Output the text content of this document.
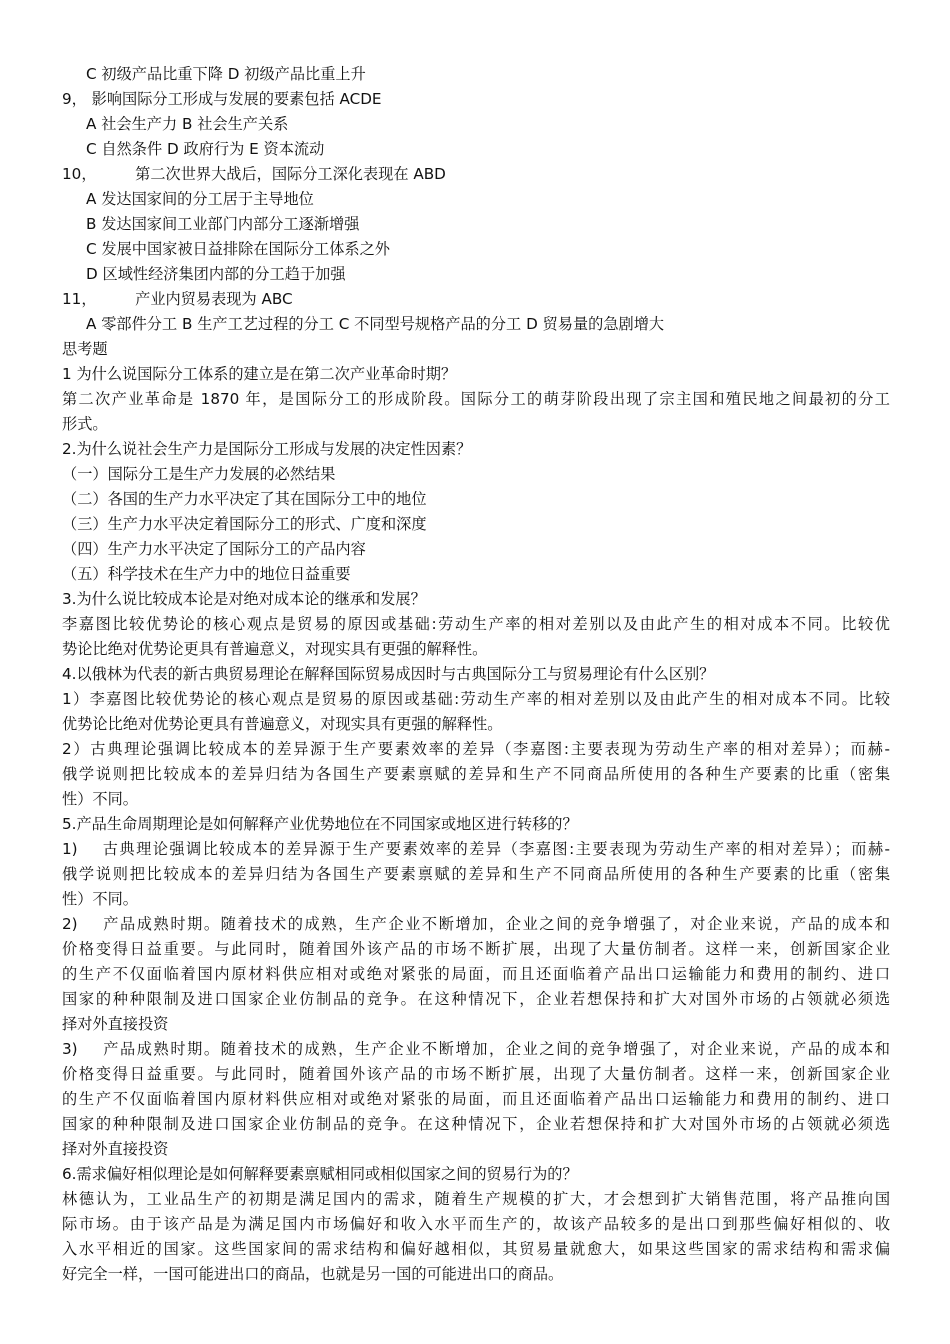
C 初级产品比重下降 D 初级产品比重上升
9， 影响国际分工形成与发展的要素包括 ACDE
A 社会生产力 B 社会生产关系
C 自然条件 D 政府行为 E 资本流动
10，        第二次世界大战后，国际分工深化表现在 ABD
A 发达国家间的分工居于主导地位
B 发达国家间工业部门内部分工逐渐增强
C 发展中国家被日益排除在国际分工体系之外
D 区域性经济集团内部的分工趋于加强
11，        产业内贸易表现为 ABC
A 零部件分工 B 生产工艺过程的分工 C 不同型号规格产品的分工 D 贸易量的急剧增大
思考题
1 为什么说国际分工体系的建立是在第二次产业革命时期？
第二次产业革命是 1870 年，是国际分工的形成阶段。国际分工的萌芽阶段出现了宗主国和殖民地之间最初的分工
形式。
2.为什么说社会生产力是国际分工形成与发展的决定性因素？
（一）国际分工是生产力发展的必然结果
（二）各国的生产力水平决定了其在国际分工中的地位
（三）生产力水平决定着国际分工的形式、广度和深度
（四）生产力水平决定了国际分工的产品内容
（五）科学技术在生产力中的地位日益重要
3.为什么说比较成本论是对绝对成本论的继承和发展？
李嘉图比较优势论的核心观点是贸易的原因或基础:劳动生产率的相对差别以及由此产生的相对成本不同。比较优
势论比绝对优势论更具有普遍意义，对现实具有更强的解释性。
4.以俄林为代表的新古典贸易理论在解释国际贸易成因时与古典国际分工与贸易理论有什么区别？
1）李嘉图比较优势论的核心观点是贸易的原因或基础:劳动生产率的相对差别以及由此产生的相对成本不同。比较
优势论比绝对优势论更具有普遍意义，对现实具有更强的解释性。
2）古典理论强调比较成本的差异源于生产要素效率的差异（李嘉图:主要表现为劳动生产率的相对差异）；而赫-
俄学说则把比较成本的差异归结为各国生产要素禀赋的差异和生产不同商品所使用的各种生产要素的比重（密集
性）不同。
5.产品生命周期理论是如何解释产业优势地位在不同国家或地区进行转移的？
1)    古典理论强调比较成本的差异源于生产要素效率的差异（李嘉图:主要表现为劳动生产率的相对差异）；而赫-
俄学说则把比较成本的差异归结为各国生产要素禀赋的差异和生产不同商品所使用的各种生产要素的比重（密集
性）不同。
2)    产品成熟时期。随着技术的成熟，生产企业不断增加，企业之间的竞争增强了，对企业来说，产品的成本和
价格变得日益重要。与此同时，随着国外该产品的市场不断扩展，出现了大量仿制者。这样一来，创新国家企业
的生产不仅面临着国内原材料供应相对或绝对紧张的局面，而且还面临着产品出口运输能力和费用的制约、进口
国家的种种限制及进口国家企业仿制品的竞争。在这种情况下，企业若想保持和扩大对国外市场的占领就必须选
择对外直接投资
3)    产品成熟时期。随着技术的成熟，生产企业不断增加，企业之间的竞争增强了，对企业来说，产品的成本和
价格变得日益重要。与此同时，随着国外该产品的市场不断扩展，出现了大量仿制者。这样一来，创新国家企业
的生产不仅面临着国内原材料供应相对或绝对紧张的局面，而且还面临着产品出口运输能力和费用的制约、进口
国家的种种限制及进口国家企业仿制品的竞争。在这种情况下，企业若想保持和扩大对国外市场的占领就必须选
择对外直接投资
6.需求偏好相似理论是如何解释要素禀赋相同或相似国家之间的贸易行为的？
林德认为，工业品生产的初期是满足国内的需求，随着生产规模的扩大，才会想到扩大销售范围，将产品推向国
际市场。由于该产品是为满足国内市场偏好和收入水平而生产的，故该产品较多的是出口到那些偏好相似的、收
入水平相近的国家。这些国家间的需求结构和偏好越相似，其贸易量就愈大，如果这些国家的需求结构和需求偏
好完全一样，一国可能进出口的商品，也就是另一国的可能进出口的商品。
